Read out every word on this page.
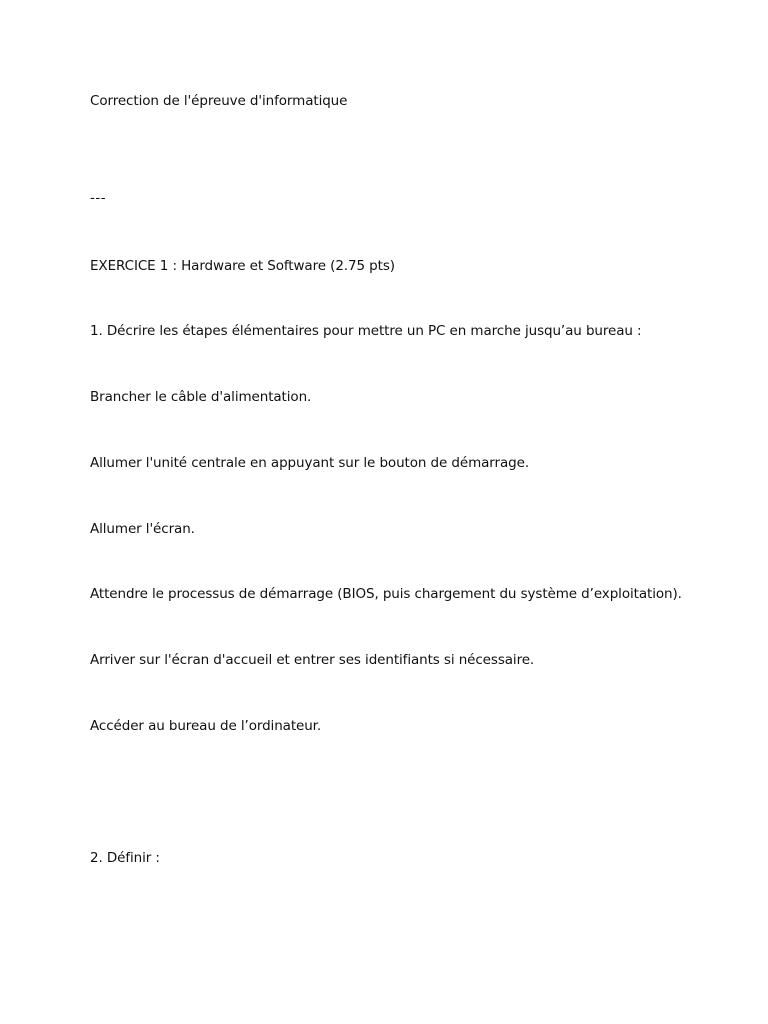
Correction de l'épreuve d'informatique

---

EXERCICE 1 : Hardware et Software (2.75 pts)

1. Décrire les étapes élémentaires pour mettre un PC en marche jusqu’au bureau :

Brancher le câble d'alimentation.

Allumer l'unité centrale en appuyant sur le bouton de démarrage.

Allumer l'écran.

Attendre le processus de démarrage (BIOS, puis chargement du système d’exploitation).

Arriver sur l'écran d'accueil et entrer ses identifiants si nécessaire.

Accéder au bureau de l’ordinateur.

2. Définir :
